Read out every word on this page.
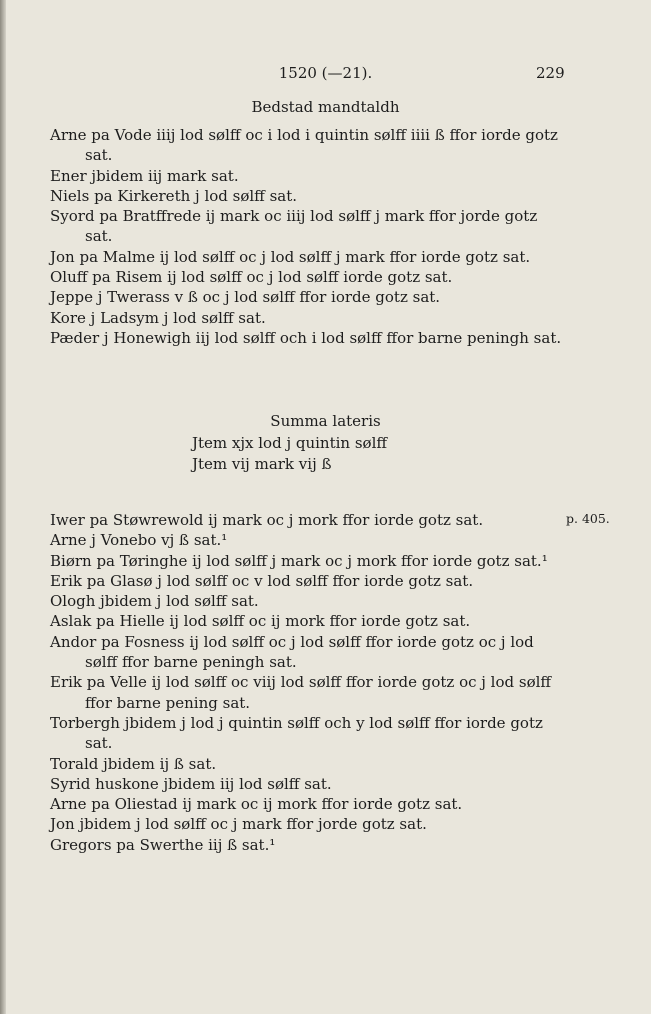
1520 (—21).	229
Bedstad mandtaldh

Arne pa Vode iiij lod sølff oc i lod i quintin sølff iiii ß ffor iorde gotz sat.

Ener jbidem iij mark sat.

Niels pa Kirkereth j lod sølff sat.

Syord pa Bratffrede ij mark oc iiij lod sølff j mark ffor jorde gotz sat.

Jon pa Malme ij lod sølff oc j lod sølff j mark ffor iorde gotz sat.

Oluff pa Risem ij lod sølff oc j lod sølff iorde gotz sat.

Jeppe j Twerass v ß oc j lod sølff ffor iorde gotz sat.

Kore j Ladsym j lod sølff sat.

Pæder j Honewigh iij lod sølff och i lod sølff ffor barne peningh sat.

Summa lateris
Jtem xjx lod j quintin sølff
Jtem vij mark vij ß
p. 405.

Iwer pa Støwrewold ij mark oc j mork ffor iorde gotz sat.

Arne j Vonebo vj ß sat.¹

Biørn pa Tøringhe ij lod sølff j mark oc j mork ffor iorde gotz sat.¹

Erik pa Glasø j lod sølff oc v lod sølff ffor iorde gotz sat.

Ologh jbidem j lod sølff sat.

Aslak pa Hielle ij lod sølff oc ij mork ffor iorde gotz sat.

Andor pa Fosness ij lod sølff oc j lod sølff ffor iorde gotz oc j lod sølff ffor barne peningh sat.

Erik pa Velle ij lod sølff oc viij lod sølff ffor iorde gotz oc j lod sølff ffor barne pening sat.

Torbergh jbidem j lod j quintin sølff och y lod sølff ffor iorde gotz sat.

Torald jbidem ij ß sat.

Syrid huskone jbidem iij lod sølff sat.

Arne pa Oliestad ij mark oc ij mork ffor iorde gotz sat.

Jon jbidem j lod sølff oc j mark ffor jorde gotz sat.

Gregors pa Swerthe iij ß sat.¹
